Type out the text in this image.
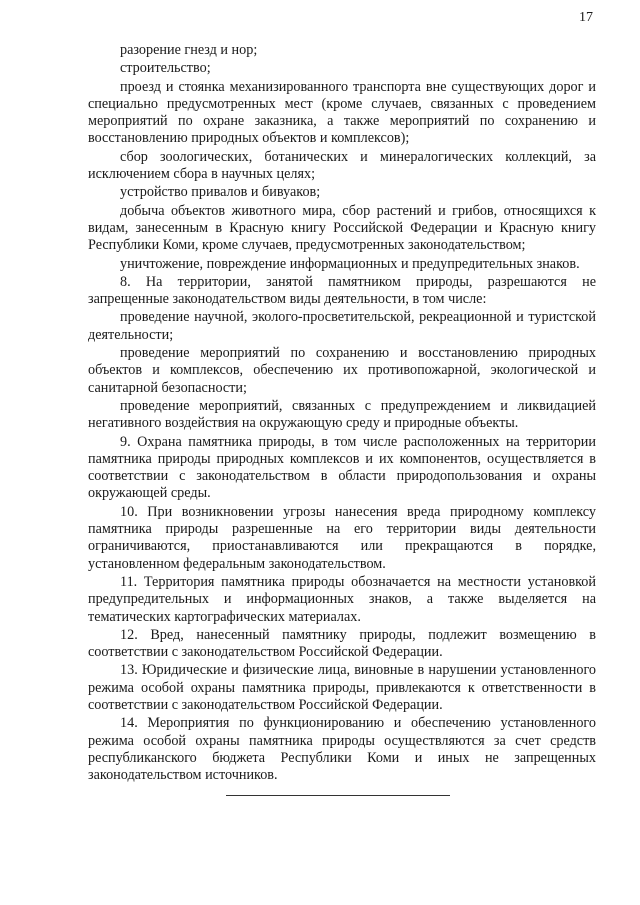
17

разорение гнезд и нор;

строительство;

проезд и стоянка механизированного транспорта вне существующих дорог и специально предусмотренных мест (кроме случаев, связанных с проведением мероприятий по охране заказника, а также мероприятий по сохранению и восстановлению природных объектов и комплексов);

сбор зоологических, ботанических и минералогических коллекций, за исключением сбора в научных целях;

устройство привалов и бивуаков;

добыча объектов животного мира, сбор растений и грибов, относящихся к видам, занесенным в Красную книгу Российской Федерации и Красную книгу Республики Коми, кроме случаев, предусмотренных законодательством;

уничтожение, повреждение информационных и предупредительных знаков.

8. На территории, занятой памятником природы, разрешаются не запрещенные законодательством виды деятельности, в том числе:

проведение научной, эколого-просветительской, рекреационной и туристской деятельности;

проведение мероприятий по сохранению и восстановлению природных объектов и комплексов, обеспечению их противопожарной, экологической и санитарной безопасности;

проведение мероприятий, связанных с предупреждением и ликвидацией негативного воздействия на окружающую среду и природные объекты.

9. Охрана памятника природы, в том числе расположенных на территории памятника природы природных комплексов и их компонентов, осуществляется в соответствии с законодательством в области природопользования и охраны окружающей среды.

10. При возникновении угрозы нанесения вреда природному комплексу памятника природы разрешенные на его территории виды деятельности ограничиваются, приостанавливаются или прекращаются в порядке, установленном федеральным законодательством.

11. Территория памятника природы обозначается на местности установкой предупредительных и информационных знаков, а также выделяется на тематических картографических материалах.

12. Вред, нанесенный памятнику природы, подлежит возмещению в соответствии с законодательством Российской Федерации.

13. Юридические и физические лица, виновные в нарушении установленного режима особой охраны памятника природы, привлекаются к ответственности в соответствии с законодательством Российской Федерации.

14. Мероприятия по функционированию и обеспечению установленного режима особой охраны памятника природы осуществляются за счет средств республиканского бюджета Республики Коми и иных не запрещенных законодательством источников.
